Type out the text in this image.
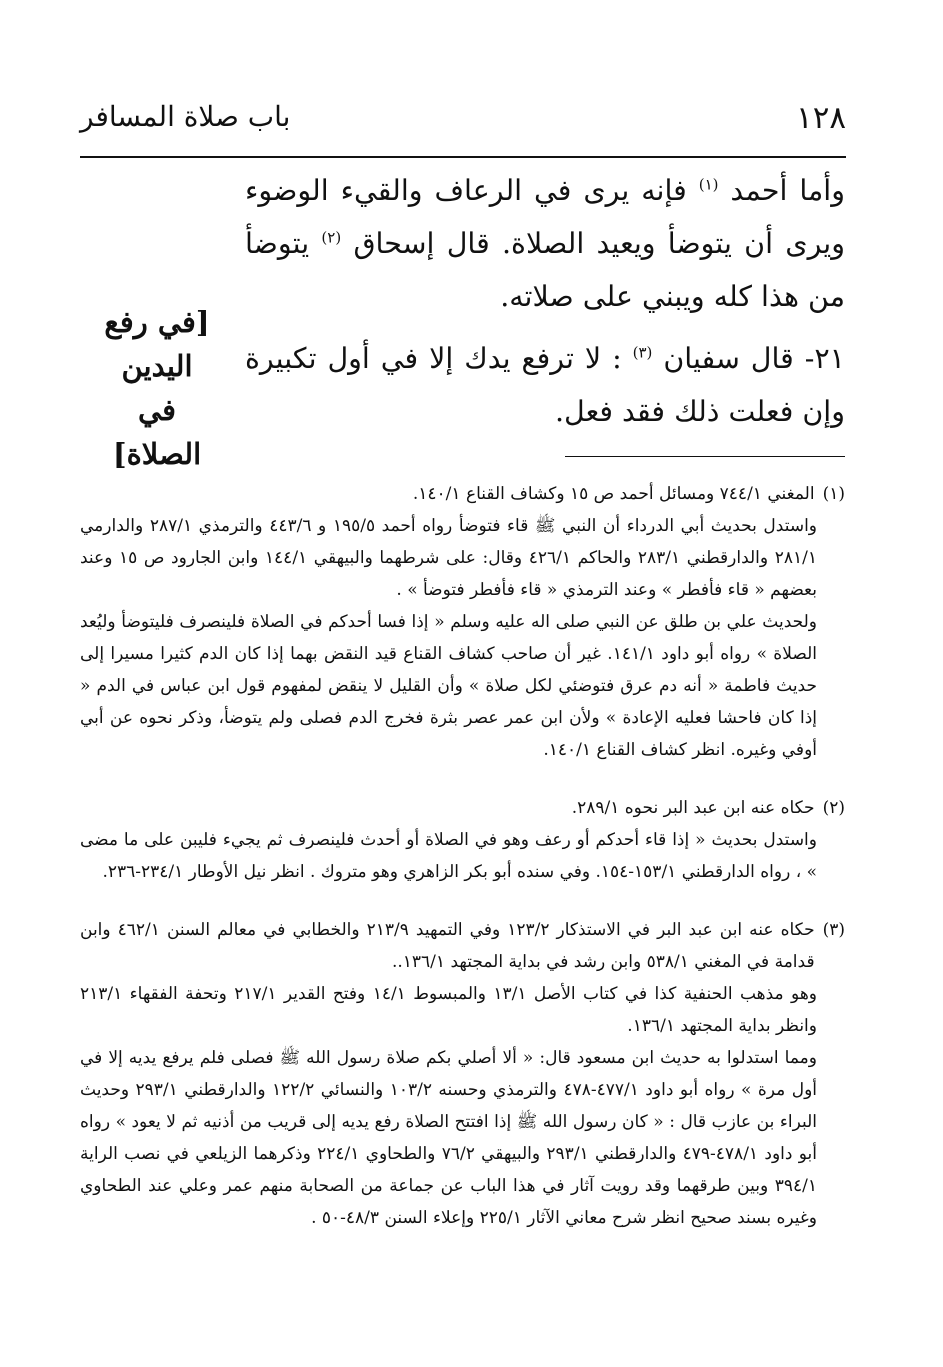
١٢٨
باب صلاة المسافر

وأما أحمد $^{(١)}$ فإنه يرى في الرعاف والقيء الوضوء ويرى أن يتوضأ ويعيد الصلاة. قال إسحاق $^{(٢)}$ يتوضأ من هذا كله ويبني على صلاته.

٢١- قال سفيان $^{(٣)}$ : لا ترفع يدك إلا في أول تكبيرة وإن فعلت ذلك فقد فعل.

[في رفع اليدين في الصلاة]

(١)
المغني ٧٤٤/١ ومسائل أحمد ص ١٥ وكشاف القناع ١٤٠/١.

واستدل بحديث أبي الدرداء أن النبي ﷺ قاء فتوضأ رواه أحمد ١٩٥/٥ و ٤٤٣/٦ والترمذي ٢٨٧/١ والدارمي ٢٨١/١ والدارقطني ٢٨٣/١ والحاكم ٤٢٦/١ وقال: على شرطهما والبيهقي ١٤٤/١ وابن الجارود ص ١٥ وعند بعضهم « قاء فأفطر » وعند الترمذي « قاء فأفطر فتوضأ » .

ولحديث علي بن طلق عن النبي صلى اله عليه وسلم « إذا فسا أحدكم في الصلاة فلينصرف فليتوضأ وليُعد الصلاة » رواه أبو داود ١٤١/١. غير أن صاحب كشاف القناع قيد النقض بهما إذا كان الدم كثيرا مسيرا إلى حديث فاطمة « أنه دم عرق فتوضئي لكل صلاة » وأن القليل لا ينقض لمفهوم قول ابن عباس في الدم « إذا كان فاحشا فعليه الإعادة » ولأن ابن عمر عصر بثرة فخرج الدم فصلى ولم يتوضأ، وذكر نحوه عن أبي أوفي وغيره. انظر كشاف القناع ١٤٠/١.

(٢)
حكاه عنه ابن عبد البر نحوه ٢٨٩/١.

واستدل بحديث « إذا قاء أحدكم أو رعف وهو في الصلاة أو أحدث فلينصرف ثم يجيء فليبن على ما مضى » ، رواه الدارقطني ١٥٣/١-١٥٤. وفي سنده أبو بكر الزاهري وهو متروك . انظر نيل الأوطار ٢٣٤/١-٢٣٦.

(٣)
حكاه عنه ابن عبد البر في الاستذكار ١٢٣/٢ وفي التمهيد ٢١٣/٩ والخطابي في معالم السنن ٤٦٢/١ وابن قدامة في المغني ٥٣٨/١ وابن رشد في بداية المجتهد ١٣٦/١..

وهو مذهب الحنفية كذا في كتاب الأصل ١٣/١ والمبسوط ١٤/١ وفتح القدير ٢١٧/١ وتحفة الفقهاء ٢١٣/١ وانظر بداية المجتهد ١٣٦/١.

ومما استدلوا به حديث ابن مسعود قال: « ألا أصلي بكم صلاة رسول الله ﷺ فصلى فلم يرفع يديه إلا في أول مرة » رواه أبو داود ٤٧٧/١-٤٧٨ والترمذي وحسنه ١٠٣/٢ والنسائي ١٢٢/٢ والدارقطني ٢٩٣/١ وحديث البراء بن عازب قال : « كان رسول الله ﷺ إذا افتتح الصلاة رفع يديه إلى قريب من أذنيه ثم لا يعود » رواه أبو داود ٤٧٨/١-٤٧٩ والدارقطني ٢٩٣/١ والبيهقي ٧٦/٢ والطحاوي ٢٢٤/١ وذكرهما الزيلعي في نصب الراية ٣٩٤/١ وبين طرقهما وقد رويت آثار في هذا الباب عن جماعة من الصحابة منهم عمر وعلي عند الطحاوي وغيره بسند صحيح انظر شرح معاني الآثار ٢٢٥/١ وإعلاء السنن ٤٨/٣-٥٠ .
